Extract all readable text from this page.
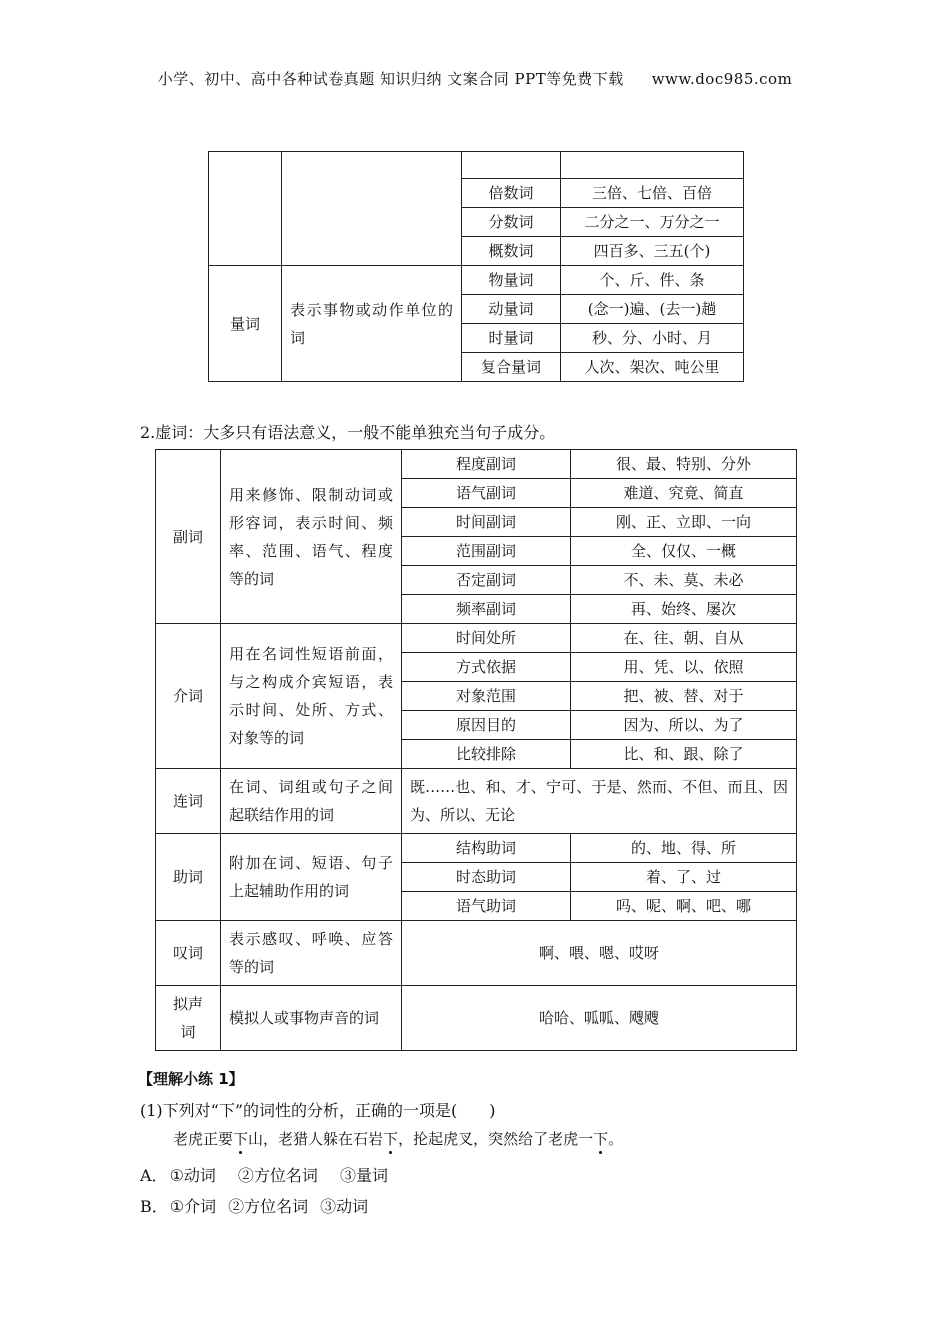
小学、初中、高中各种试卷真题 知识归纳 文案合同 PPT等免费下载 www.doc985.com

		倍数词	三倍、七倍、百倍
		分数词	二分之一、万分之一
		概数词	四百多、三五(个)
量词	表示事物或动作单位的词	物量词	个、斤、件、条
		动量词	(念一)遍、(去一)趟
		时量词	秒、分、小时、月
		复合量词	人次、架次、吨公里
2.虚词：大多只有语法意义，一般不能单独充当句子成分。
副词	用来修饰、限制动词或形容词，表示时间、频率、范围、语气、程度等的词	程度副词	很、最、特别、分外
		语气副词	难道、究竟、简直
		时间副词	刚、正、立即、一向
		范围副词	全、仅仅、一概
		否定副词	不、未、莫、未必
		频率副词	再、始终、屡次
介词	用在名词性短语前面，与之构成介宾短语，表示时间、处所、方式、对象等的词	时间处所	在、往、朝、自从
		方式依据	用、凭、以、依照
		对象范围	把、被、替、对于
		原因目的	因为、所以、为了
		比较排除	比、和、跟、除了
连词	在词、词组或句子之间起联结作用的词	既……也、和、才、宁可、于是、然而、不但、而且、因为、所以、无论	
助词	附加在词、短语、句子上起辅助作用的词	结构助词	的、地、得、所
		时态助词	着、了、过
		语气助词	吗、呢、啊、吧、哪
叹词	表示感叹、呼唤、应答等的词	啊、喂、嗯、哎呀	
拟声词	模拟人或事物声音的词	哈哈、呱呱、飕飕	
【理解小练 1】
(1)下列对“下”的词性的分析，正确的一项是(　　)
老虎正要下山，老猎人躲在石岩下，抡起虎叉，突然给了老虎一下。
A． ①动词 ②方位名词 ③量词
B． ①介词 ②方位名词 ③动词
